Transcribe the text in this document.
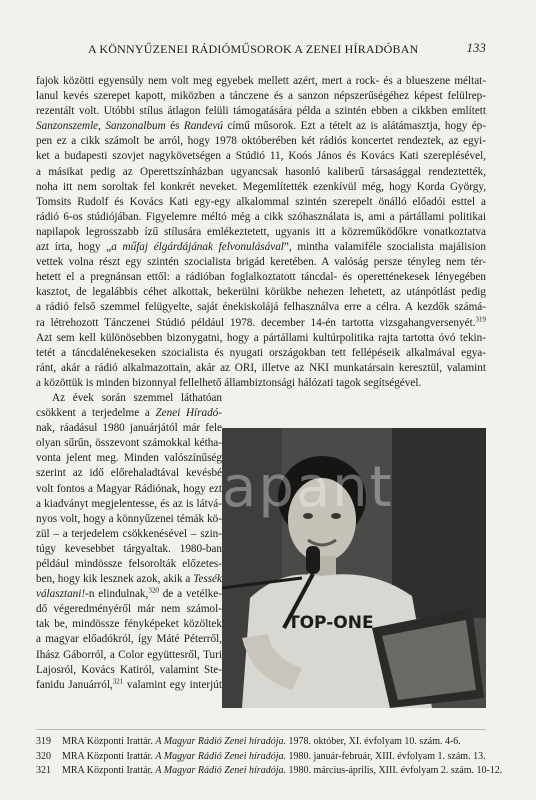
A KÖNNYŰZENEI RÁDIÓMŰSOROK A ZENEI HÍRADÓBAN	133
fajok közötti egyensúly nem volt meg egyebek mellett azért, mert a rock- és a blueszene méltat-
lanul kevés szerepet kapott, miközben a tánczene és a sanzon népszerűségéhez képest felülrep-
rezentált volt. Utóbbi stílus átlagon felüli támogatására példa a szintén ebben a cikkben említett
Sanzonszemle, Sanzonalbum és Randevú című műsorok. Ezt a tételt az is alátámasztja, hogy ép-
pen ez a cikk számolt be arról, hogy 1978 októberében két rádiós koncertet rendeztek, az egyi-
ket a budapesti szovjet nagykövetségen a Stúdió 11, Koós János és Kovács Kati szereplésével,
a másikat pedig az Operettszínházban ugyancsak hasonló kaliberű társasággal rendeztették,
noha itt nem soroltak fel konkrét neveket. Megemlítették ezenkívül még, hogy Korda György,
Tomsits Rudolf és Kovács Kati egy-egy alkalommal szintén szerepelt önálló előadói esttel a
rádió 6-os stúdiójában. Figyelemre méltó még a cikk szóhasználata is, ami a pártállami politikai
napilapok legrosszabb ízű stílusára emlékeztetett, ugyanis itt a közreműködőkre vonatkoztatva
azt írta, hogy „a műfaj élgárdájának felvonulásával”, mintha valamiféle szocialista majálision
vettek volna részt egy szintén szocialista brigád keretében. A valóság persze tényleg nem tér-
hetett el a pregnánsan ettől: a rádióban foglalkoztatott táncdal- és operettének​esek lényegében
kasztot, de legalábbis céhet alkottak, bekerülni körükbe nehezen lehetett, az utánpótlást pedig
a rádió felső szemmel felügyelte, saját énekiskolájá felhasználva erre a célra. A kezdők számá-
ra létrehozott Tánczenei Stúdió például 1978. december 14-én tartotta vizsgahangversenyét.$^{319}$
Azt sem kell különösebben bizonygatni, hogy a pártállami kultúrpolitika rajta tartotta óvó tekin-
tetét a táncdalénekeseken szocialista és nyugati országokban tett fellépéseik alkalmával egya-
ránt, akár a rádió alkalmazottain, akár az ORI, illetve az NKI munkatársain keresztül, valamint
a közöttük is minden bizonnyal fellelhető állambiztonsági hálózati tagok segítségével.
Az évek során szemmel láthatóan
csökkent a terjedelme a Zenei Híradó-
nak, ráadásul 1980 januárjától már fele
olyan sűrűn, összevont számokkal kétha-
vonta jelent meg. Minden valószínűség
szerint az idő előrehaladtával kevésbé
volt fontos a Magyar Rádiónak, hogy ezt
a kiadványt megjelentesse, és az is látvá-
nyos volt, hogy a könnyűzenei témák kö-
zül – a terjedelem csökkenésével – szin-
túgy kevesebbet tárgyaltak. 1980-ban
például mindössze felsorolták előzetes-
ben, hogy kik lesznek azok, akik a Tessék
választani!-n elindulnak,$^{320}$ de a vetélke-
dő végeredményéről már nem számol-
tak be, mindössze fényképeket közöltek
a magyar előadókról, így Máté Péterről,
Ihász Gáborról, a Color együttesről, Turi
Lajosról, Kovács Katiról, valamint Ste-
fanidu Januárról,$^{321}$ valamint egy interjút
TOP-ONE
apant
319 MRA Központi Irattár. A Magyar Rádió Zenei híradója. 1978. október, XI. évfolyam 10. szám. 4-6.
320 MRA Központi Irattár. A Magyar Rádió Zenei híradója. 1980. január-február, XIII. évfolyam 1. szám. 13.
321 MRA Központi Irattár. A Magyar Rádió Zenei híradója. 1980. március-április, XIII. évfolyam 2. szám. 10-12.
